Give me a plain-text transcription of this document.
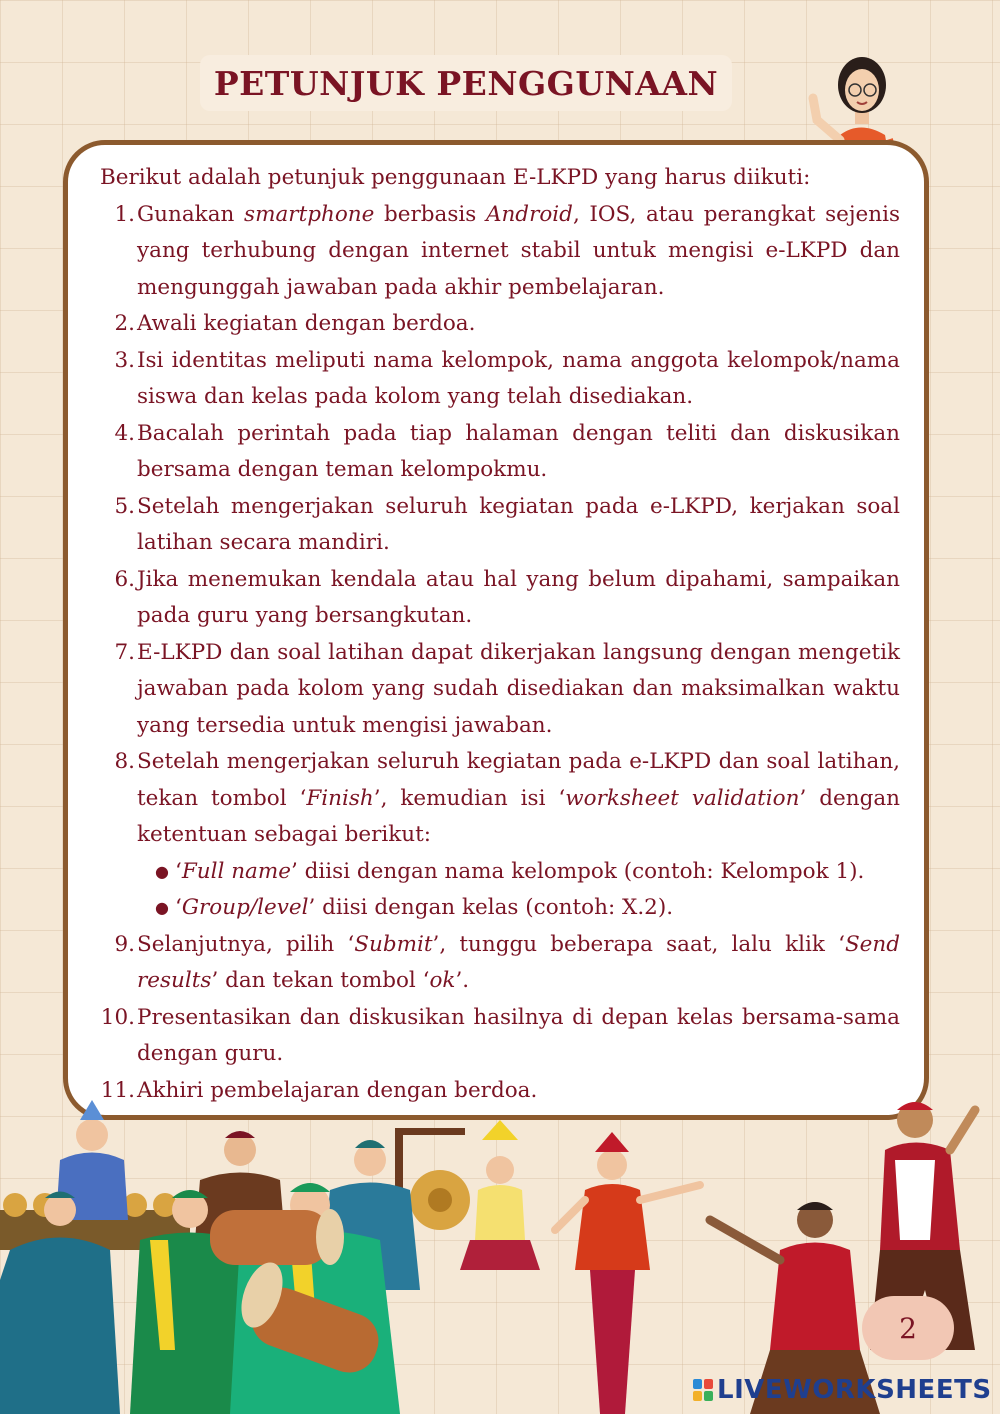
PETUNJUK PENGGUNAAN

Berikut adalah petunjuk penggunaan E-LKPD yang harus diikuti:

1. Gunakan smartphone berbasis Android, IOS, atau perangkat sejenis yang terhubung dengan internet stabil untuk mengisi e-LKPD dan mengunggah jawaban pada akhir pembelajaran.
2. Awali kegiatan dengan berdoa.
3. Isi identitas meliputi nama kelompok, nama anggota kelompok/nama siswa dan kelas pada kolom yang telah disediakan.
4. Bacalah perintah pada tiap halaman dengan teliti dan diskusikan bersama dengan teman kelompokmu.
5. Setelah mengerjakan seluruh kegiatan pada e-LKPD, kerjakan soal latihan secara mandiri.
6. Jika menemukan kendala atau hal yang belum dipahami, sampaikan pada guru yang bersangkutan.
7. E-LKPD dan soal latihan dapat dikerjakan langsung dengan mengetik jawaban pada kolom yang sudah disediakan dan maksimalkan waktu yang tersedia untuk mengisi jawaban.
8. Setelah mengerjakan seluruh kegiatan pada e-LKPD dan soal latihan, tekan tombol ‘Finish’, kemudian isi ‘worksheet validation’ dengan ketentuan sebagai berikut:
● ‘Full name’ diisi dengan nama kelompok (contoh: Kelompok 1).
● ‘Group/level’ diisi dengan kelas (contoh: X.2).
9. Selanjutnya, pilih ‘Submit’, tunggu beberapa saat, lalu klik ‘Send results’ dan tekan tombol ‘ok’.
10. Presentasikan dan diskusikan hasilnya di depan kelas bersama-sama dengan guru.
11. Akhiri pembelajaran dengan berdoa.
2
LIVEWORKSHEETS
